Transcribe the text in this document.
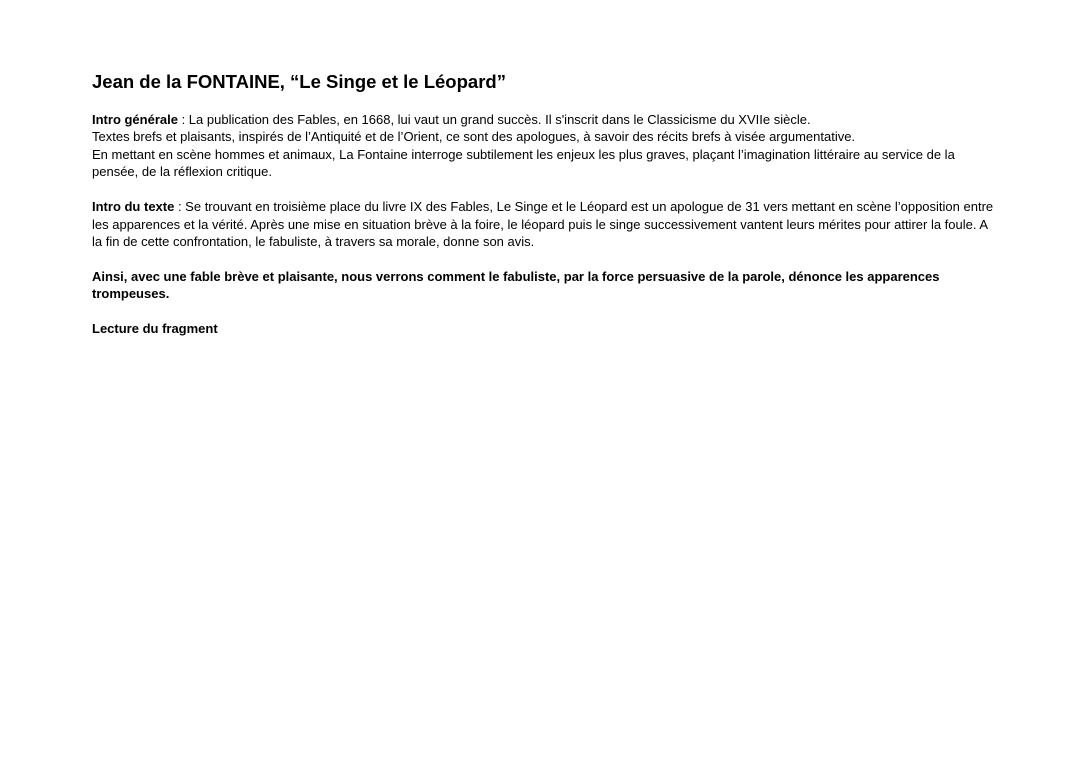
Jean de la FONTAINE, “Le Singe et le Léopard”

Intro générale : La publication des Fables, en 1668, lui vaut un grand succès. Il s'inscrit dans le Classicisme du XVIIe siècle.
Textes brefs et plaisants, inspirés de l’Antiquité et de l’Orient, ce sont des apologues, à savoir des récits brefs à visée argumentative.
En mettant en scène hommes et animaux, La Fontaine interroge subtilement les enjeux les plus graves, plaçant l’imagination littéraire au service de la pensée, de la réflexion critique.

Intro du texte : Se trouvant en troisième place du livre IX des Fables, Le Singe et le Léopard est un apologue de 31 vers mettant en scène l’opposition entre les apparences et la vérité. Après une mise en situation brève à la foire, le léopard puis le singe successivement vantent leurs mérites pour attirer la foule. A la fin de cette confrontation, le fabuliste, à travers sa morale, donne son avis.

Ainsi, avec une fable brève et plaisante, nous verrons comment le fabuliste, par la force persuasive de la parole, dénonce les apparences trompeuses.

Lecture du fragment
